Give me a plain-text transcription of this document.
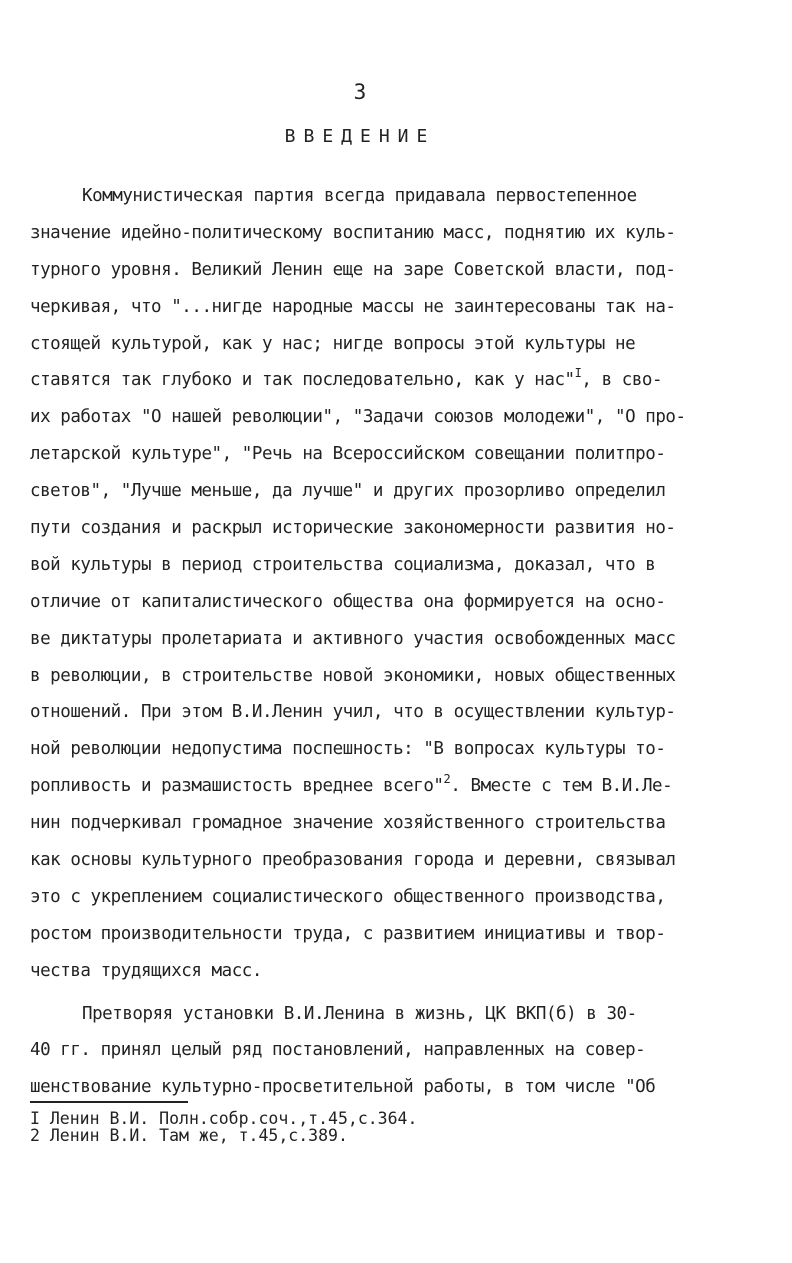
3
ВВЕДЕНИЕ
Коммунистическая партия всегда придавала первостепенное
значение идейно-политическому воспитанию масс, поднятию их куль-
турного уровня. Великий Ленин еще на заре Советской власти, под-
черкивая, что "...нигде народные массы не заинтересованы так на-
стоящей культурой, как у нас; нигде вопросы этой культуры не
ставятся так глубоко и так последовательно, как у нас"$^I$, в сво-
их работах "О нашей революции", "Задачи союзов молодежи", "О про-
летарской культуре", "Речь на Всероссийском совещании политпро-
светов", "Лучше меньше, да лучше" и других прозорливо определил
пути создания и раскрыл исторические закономерности развития но-
вой культуры в период строительства социализма, доказал, что в
отличие от капиталистического общества она формируется на осно-
ве диктатуры пролетариата и активного участия освобожденных масс
в революции, в строительстве новой экономики, новых общественных
отношений. При этом В.И.Ленин учил, что в осуществлении культур-
ной революции недопустима поспешность: "В вопросах культуры то-
ропливость и размашистость вреднее всего"$^2$. Вместе с тем В.И.Ле-
нин подчеркивал громадное значение хозяйственного строительства
как основы культурного преобразования города и деревни, связывал
это с укреплением социалистического общественного производства,
ростом производительности труда, с развитием инициативы и твор-
чества трудящихся масс.
Претворяя установки В.И.Ленина в жизнь, ЦК ВКП(б) в 30-
40 гг. принял целый ряд постановлений, направленных на совер-
шенствование культурно-просветительной работы, в том числе "Об
I Ленин В.И. Полн.собр.соч.,т.45,с.364.
2 Ленин В.И. Там же, т.45,с.389.
